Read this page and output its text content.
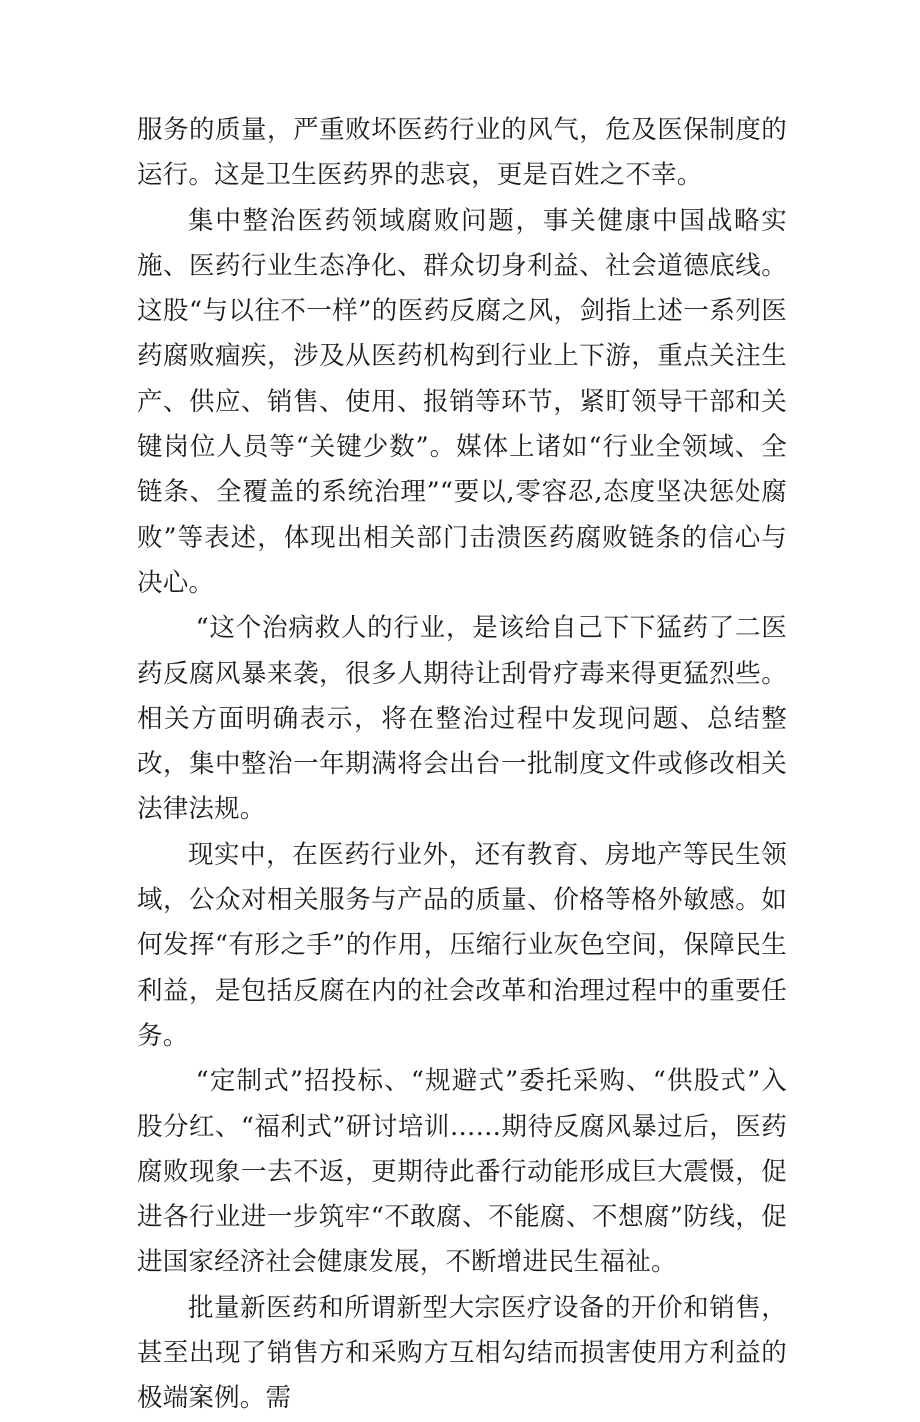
服务的质量，严重败坏医药行业的风气，危及医保制度的运行。这是卫生医药界的悲哀，更是百姓之不幸。

集中整治医药领域腐败问题，事关健康中国战略实施、医药行业生态净化、群众切身利益、社会道德底线。这股“与以往不一样”的医药反腐之风，剑指上述一系列医药腐败痼疾，涉及从医药机构到行业上下游，重点关注生产、供应、销售、使用、报销等环节，紧盯领导干部和关键岗位人员等“关键少数”。媒体上诸如“行业全领域、全链条、全覆盖的系统治理”“要以,零容忍,态度坚决惩处腐败”等表述，体现出相关部门击溃医药腐败链条的信心与决心。

“这个治病救人的行业，是该给自己下下猛药了二医药反腐风暴来袭，很多人期待让刮骨疗毒来得更猛烈些。相关方面明确表示，将在整治过程中发现问题、总结整改，集中整治一年期满将会出台一批制度文件或修改相关法律法规。

现实中，在医药行业外，还有教育、房地产等民生领域，公众对相关服务与产品的质量、价格等格外敏感。如何发挥“有形之手”的作用，压缩行业灰色空间，保障民生利益，是包括反腐在内的社会改革和治理过程中的重要任务。

“定制式”招投标、“规避式”委托采购、“供股式”入股分红、“福利式”研讨培训……期待反腐风暴过后，医药腐败现象一去不返，更期待此番行动能形成巨大震慑，促进各行业进一步筑牢“不敢腐、不能腐、不想腐”防线，促进国家经济社会健康发展，不断增进民生福祉。

批量新医药和所谓新型大宗医疗设备的开价和销售，甚至出现了销售方和采购方互相勾结而损害使用方利益的极端案例。需
